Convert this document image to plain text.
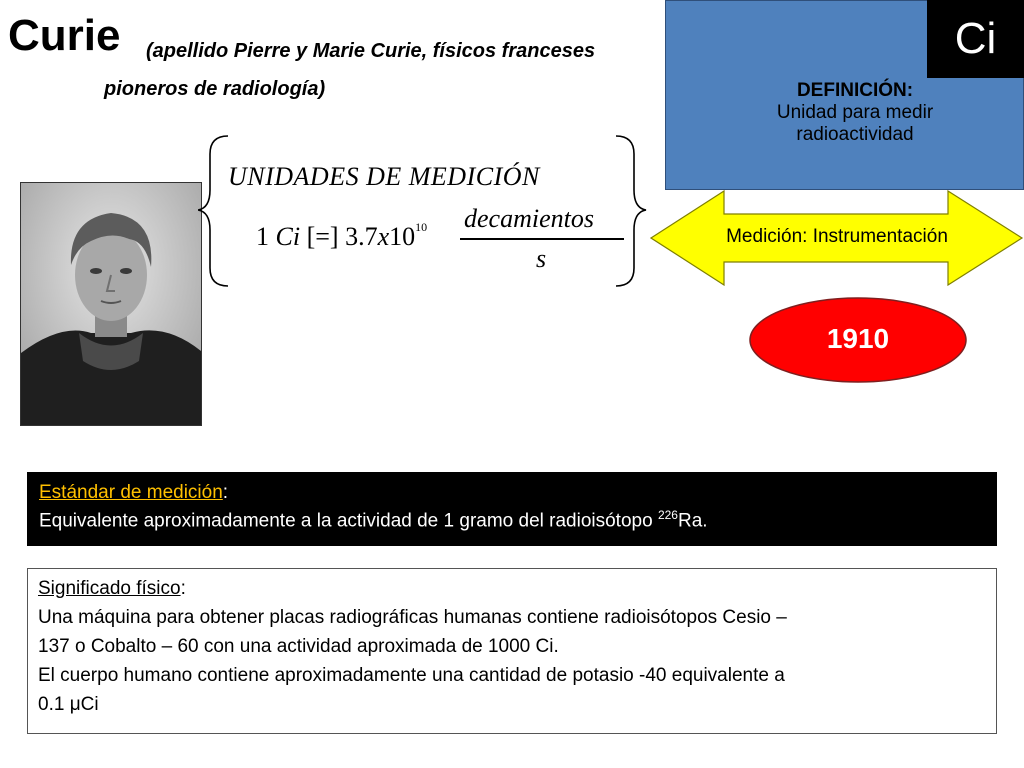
Curie (apellido Pierre y Marie Curie, físicos franceses
pioneros de radiología)
UNIDADES DE MEDICIÓN
1 Ci [=] $3.7x10^{10}$ decamientos
s
Ci
DEFINICIÓN:
Unidad para medir
radioactividad
Medición: Instrumentación
1910
Estándar de medición:
Equivalente aproximadamente a la actividad de 1 gramo del radioisótopo $^{226}$Ra.
Significado físico:
Una máquina para obtener placas radiográficas humanas contiene radioisótopos Cesio –
137 o Cobalto – 60 con una actividad aproximada de 1000 Ci.
El cuerpo humano contiene aproximadamente una cantidad de potasio -40 equivalente a
0.1 μCi
